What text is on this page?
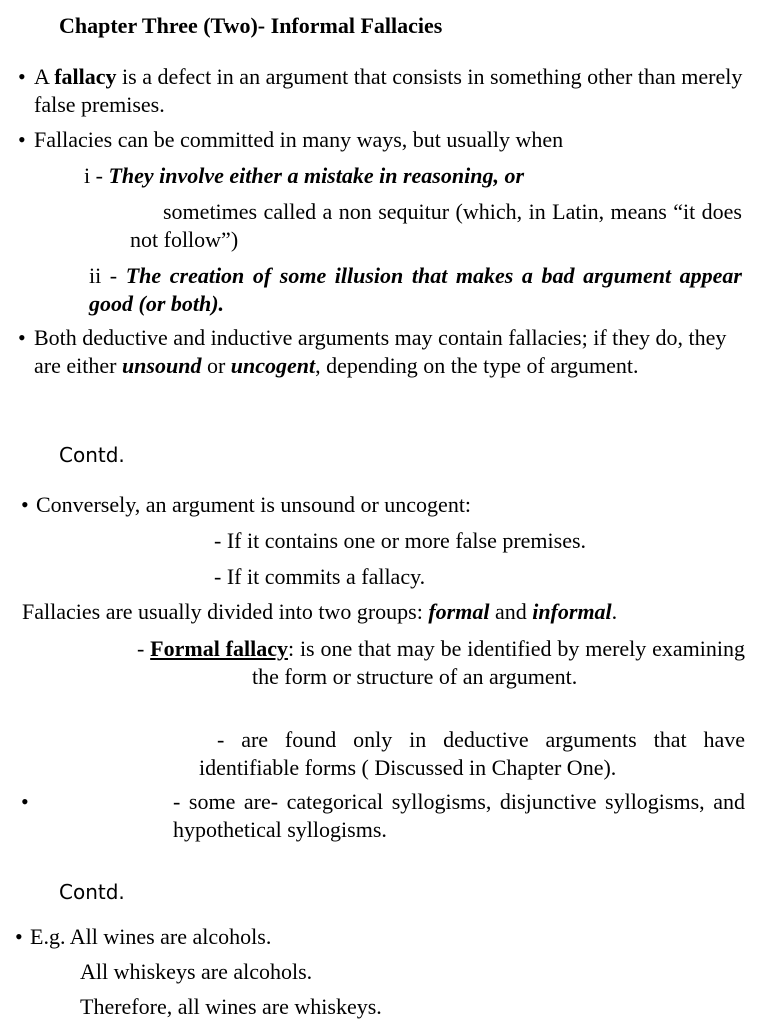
Chapter Three (Two)- Informal Fallacies
• A fallacy is a defect in an argument that consists in something other than merely false premises.
• Fallacies can be committed in many ways, but usually when
i - They involve either a mistake in reasoning, or
sometimes called a non sequitur (which, in Latin, means “it does not follow”)
ii - The creation of some illusion that makes a bad argument appear good (or both).
• Both deductive and inductive arguments may contain fallacies; if they do, they are either unsound or uncogent, depending on the type of argument.
Contd.
• Conversely, an argument is unsound or uncogent:
- If it contains one or more false premises.
- If it commits a fallacy.
Fallacies are usually divided into two groups: formal and informal.
- Formal fallacy: is one that may be identified by merely examining the form or structure of an argument.
- are found only in deductive arguments that have identifiable forms ( Discussed in Chapter One).
•	- some are- categorical syllogisms, disjunctive syllogisms, and hypothetical syllogisms.
Contd.
• E.g. All wines are alcohols.
All whiskeys are alcohols.
Therefore, all wines are whiskeys.
